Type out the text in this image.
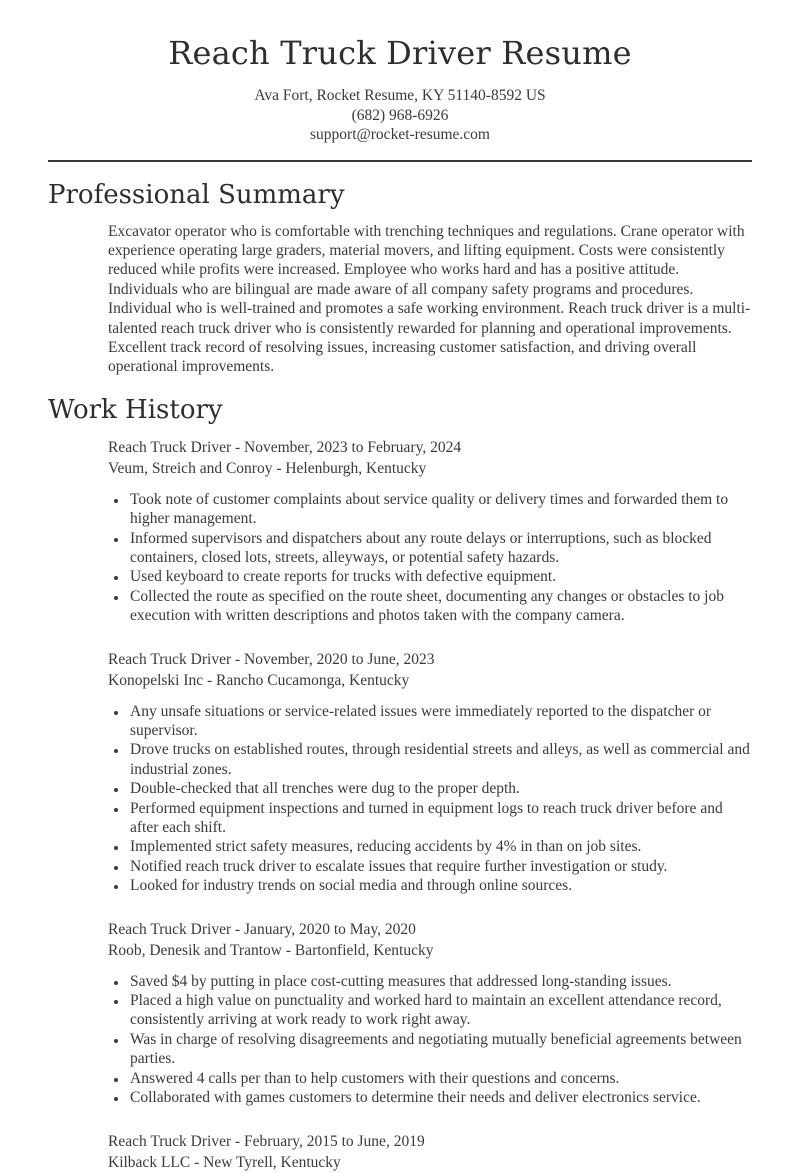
Reach Truck Driver Resume
Ava Fort, Rocket Resume, KY 51140-8592 US
(682) 968-6926
support@rocket-resume.com
Professional Summary

Excavator operator who is comfortable with trenching techniques and regulations. Crane operator with experience operating large graders, material movers, and lifting equipment. Costs were consistently reduced while profits were increased. Employee who works hard and has a positive attitude. Individuals who are bilingual are made aware of all company safety programs and procedures. Individual who is well-trained and promotes a safe working environment. Reach truck driver is a multi-talented reach truck driver who is consistently rewarded for planning and operational improvements. Excellent track record of resolving issues, increasing customer satisfaction, and driving overall operational improvements.

Work History
Reach Truck Driver - November, 2023 to February, 2024
Veum, Streich and Conroy - Helenburgh, Kentucky
• Took note of customer complaints about service quality or delivery times and forwarded them to higher management.
• Informed supervisors and dispatchers about any route delays or interruptions, such as blocked containers, closed lots, streets, alleyways, or potential safety hazards.
• Used keyboard to create reports for trucks with defective equipment.
• Collected the route as specified on the route sheet, documenting any changes or obstacles to job execution with written descriptions and photos taken with the company camera.
Reach Truck Driver - November, 2020 to June, 2023
Konopelski Inc - Rancho Cucamonga, Kentucky
• Any unsafe situations or service-related issues were immediately reported to the dispatcher or supervisor.
• Drove trucks on established routes, through residential streets and alleys, as well as commercial and industrial zones.
• Double-checked that all trenches were dug to the proper depth.
• Performed equipment inspections and turned in equipment logs to reach truck driver before and after each shift.
• Implemented strict safety measures, reducing accidents by 4% in than on job sites.
• Notified reach truck driver to escalate issues that require further investigation or study.
• Looked for industry trends on social media and through online sources.
Reach Truck Driver - January, 2020 to May, 2020
Roob, Denesik and Trantow - Bartonfield, Kentucky
• Saved $4 by putting in place cost-cutting measures that addressed long-standing issues.
• Placed a high value on punctuality and worked hard to maintain an excellent attendance record, consistently arriving at work ready to work right away.
• Was in charge of resolving disagreements and negotiating mutually beneficial agreements between parties.
• Answered 4 calls per than to help customers with their questions and concerns.
• Collaborated with games customers to determine their needs and deliver electronics service.
Reach Truck Driver - February, 2015 to June, 2019
Kilback LLC - New Tyrell, Kentucky
